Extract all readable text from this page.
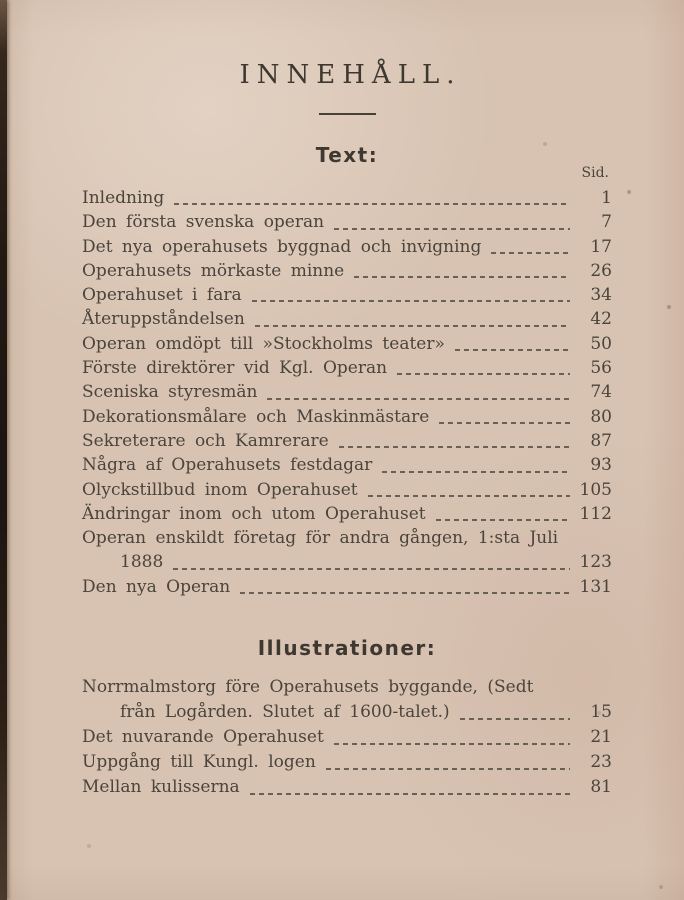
INNEHÅLL.
Text:
Sid.
Inledning	1
Den första svenska operan	7
Det nya operahusets byggnad och invigning	17
Operahusets mörkaste minne	26
Operahuset i fara	34
Återuppståndelsen	42
Operan omdöpt till »Stockholms teater»	50
Förste direktörer vid Kgl. Operan	56
Sceniska styresmän	74
Dekorationsmålare och Maskinmästare	80
Sekreterare och Kamrerare	87
Några af Operahusets festdagar	93
Olyckstillbud inom Operahuset	105
Ändringar inom och utom Operahuset	112
Operan enskildt företag för andra gången, 1:sta Juli
1888	123
Den nya Operan	131
Illustrationer:
Norrmalmstorg före Operahusets byggande, (Sedt
från Logården. Slutet af 1600-talet.)	15
Det nuvarande Operahuset	21
Uppgång till Kungl. logen	23
Mellan kulisserna	81
